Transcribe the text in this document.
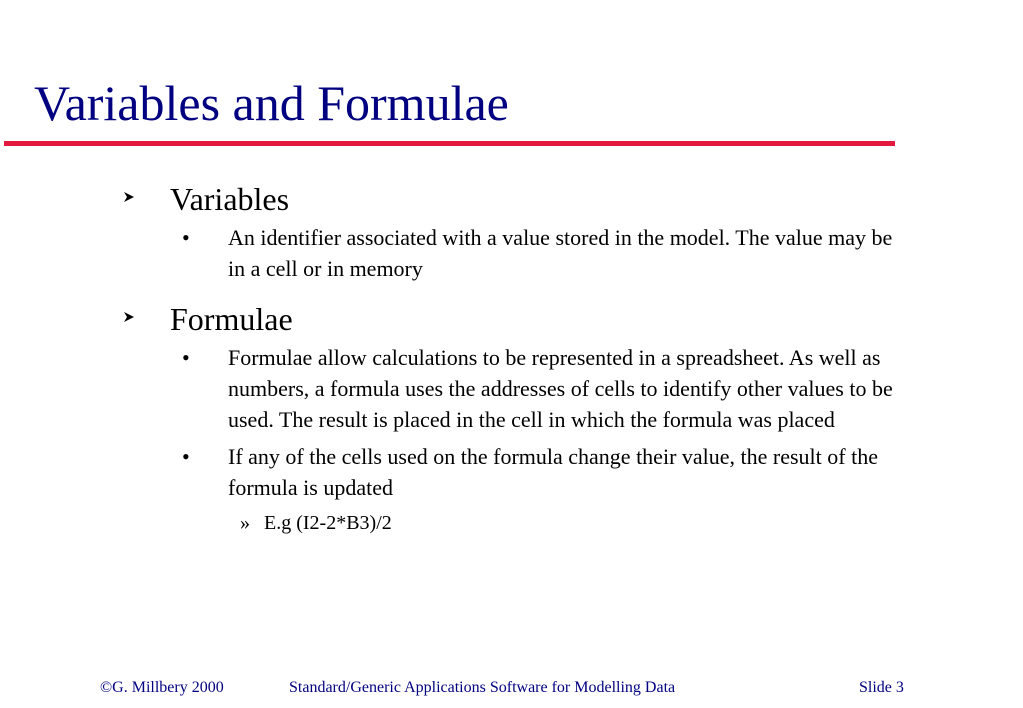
Variables and Formulae
Variables
• An identifier associated with a value stored in the model. The value may be in a cell or in memory
Formulae
• Formulae allow calculations to be represented in a spreadsheet. As well as numbers, a formula uses the addresses of cells to identify other values to be used. The result is placed in the cell in which the formula was placed
• If any of the cells used on the formula change their value, the result of the formula is updated
» E.g (I2-2*B3)/2
©G. Millbery 2000	Standard/Generic Applications Software for Modelling Data	Slide 3
